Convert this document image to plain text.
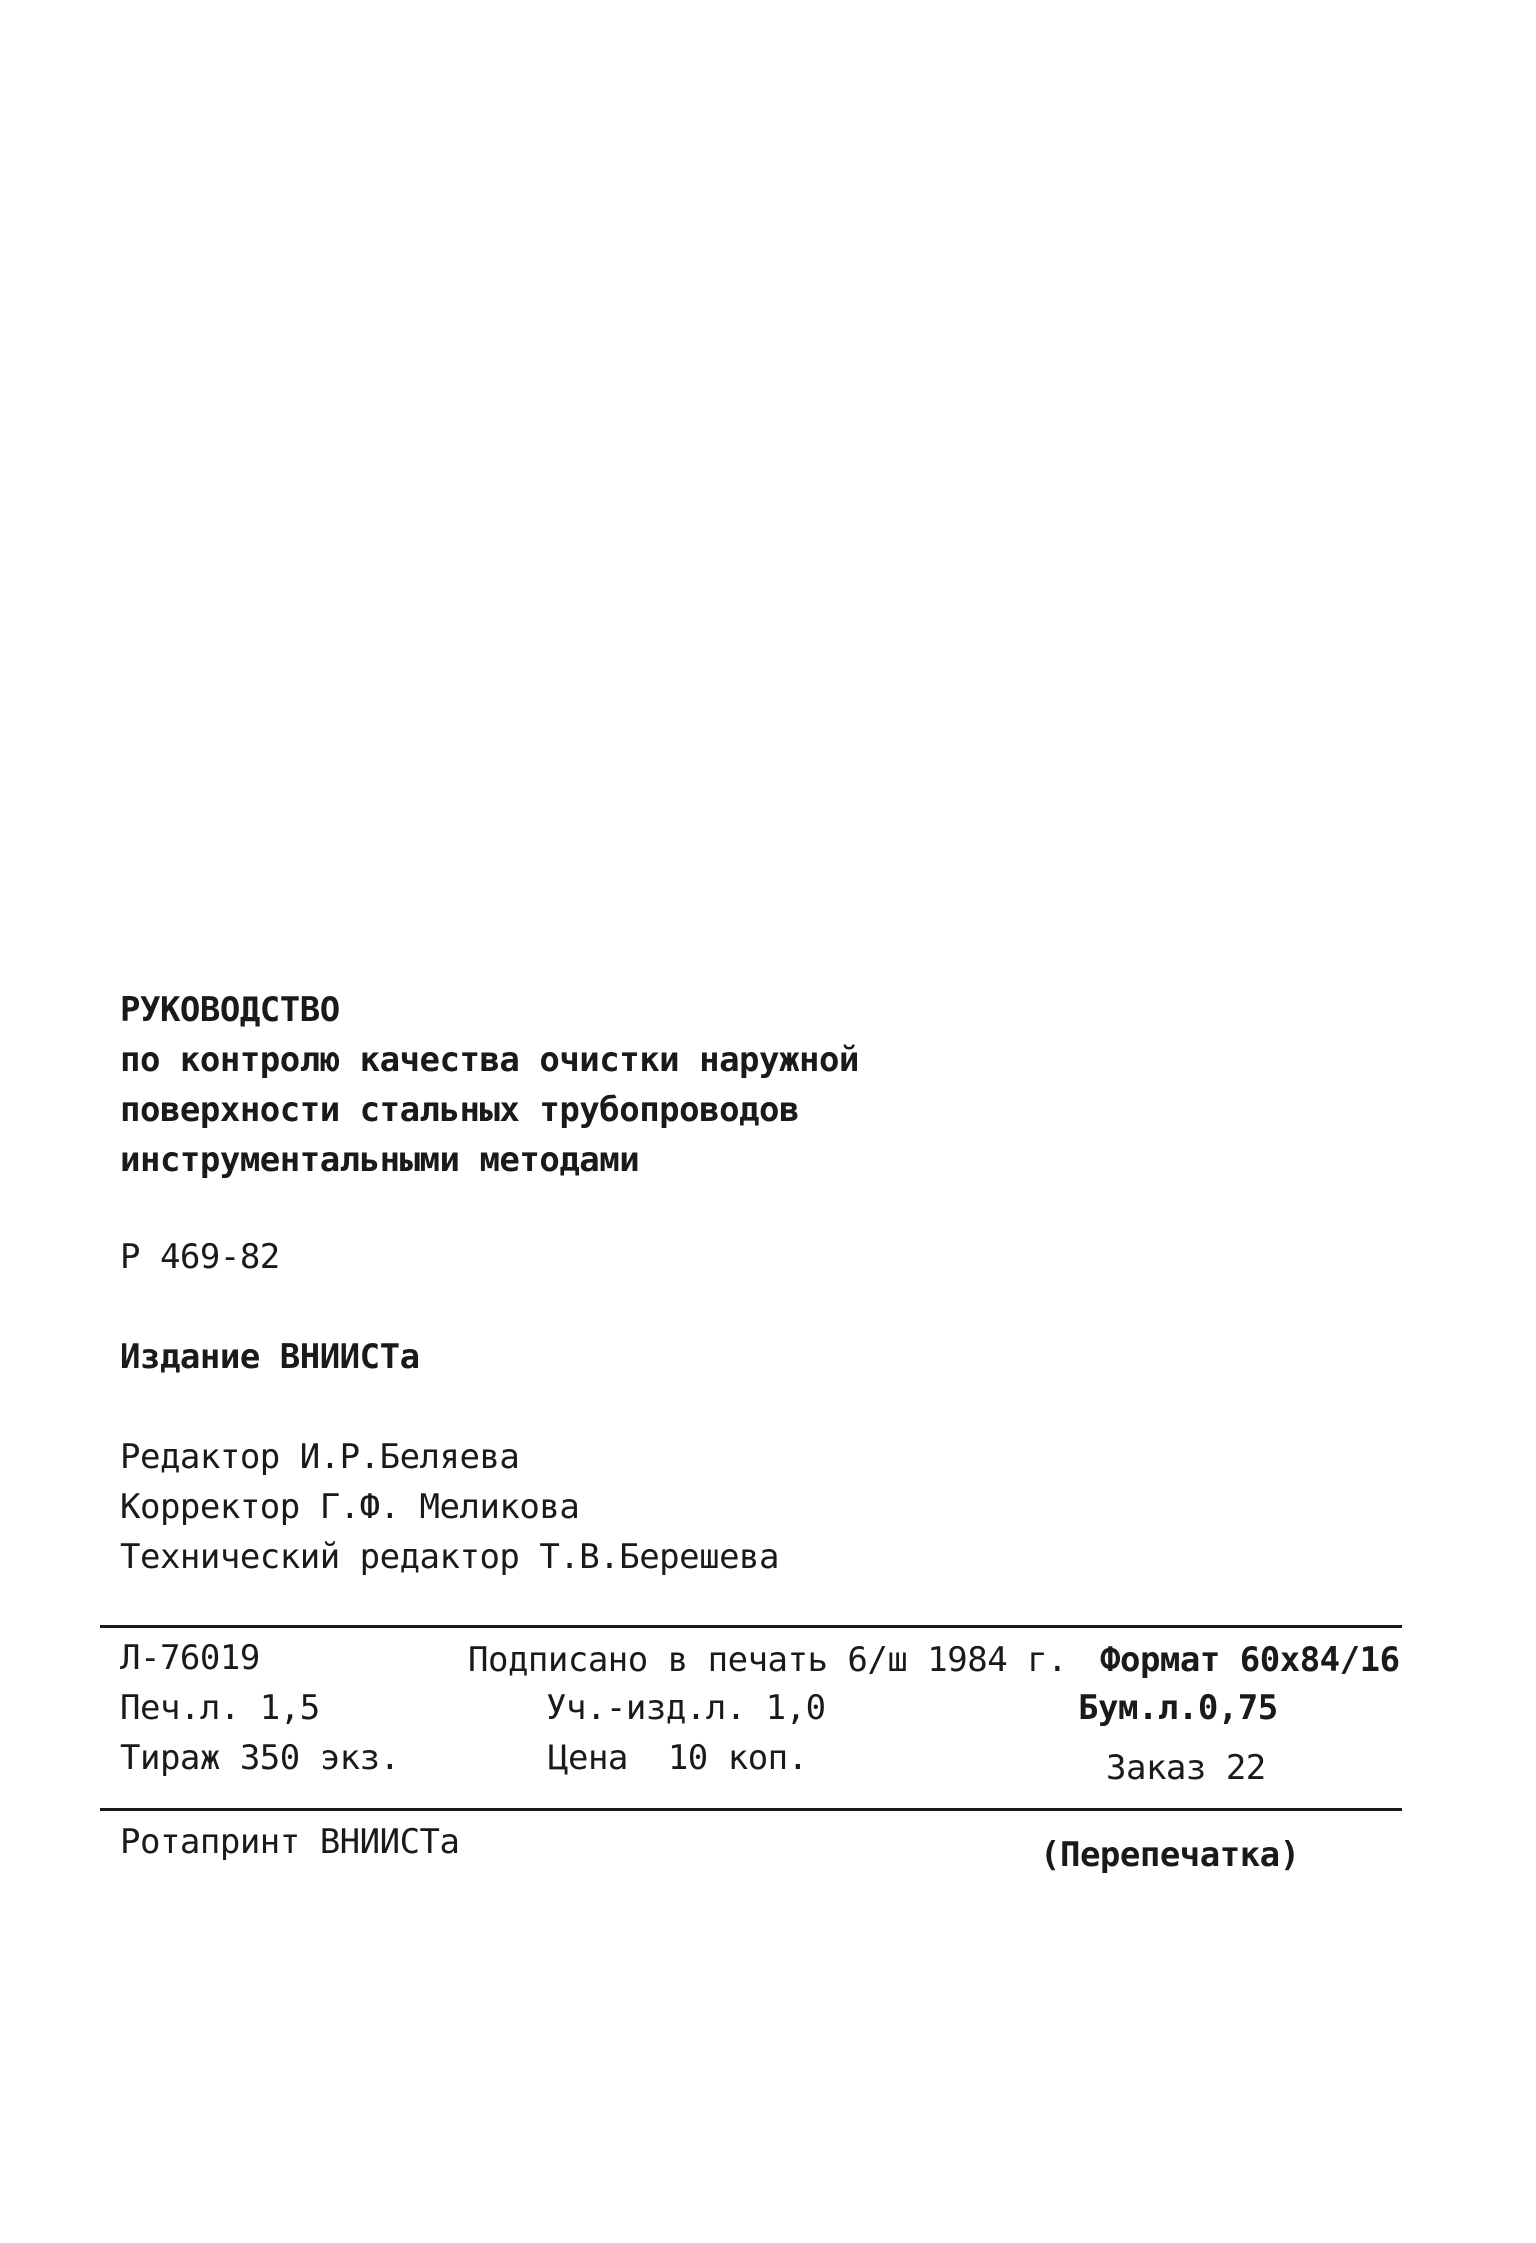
РУКОВОДСТВО
по контролю качества очистки наружной
поверхности стальных трубопроводов
инструментальными методами
Р 469-82
Издание ВНИИСТа
Редактор И.Р.Беляева
Корректор Г.Ф. Меликова
Технический редактор Т.В.Берешева
Л-76019	Подписано в печать 6/ш 1984 г. Формат 60х84/16
Печ.л. 1,5	Уч.-изд.л. 1,0	Бум.л.0,75
Тираж 350 экз.	Цена  10 коп.	Заказ 22
Ротапринт ВНИИСТа	(Перепечатка)
